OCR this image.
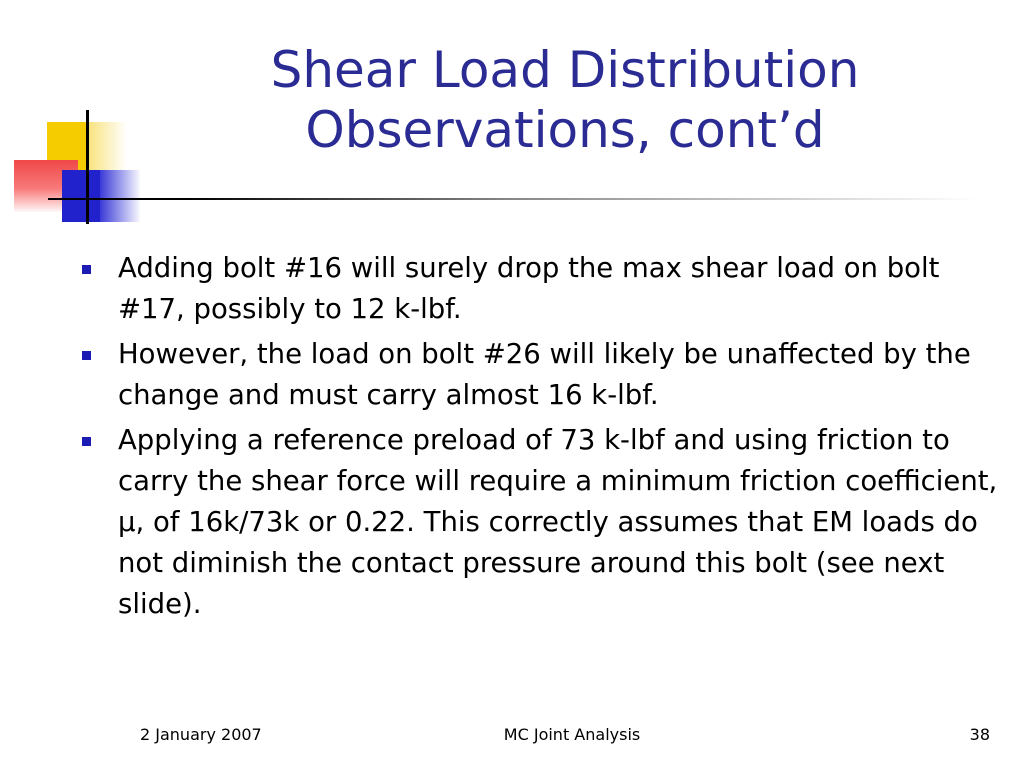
Shear Load Distribution
Observations, cont’d
Adding bolt #16 will surely drop the max shear load on bolt #17, possibly to 12 k-lbf.
However, the load on bolt #26 will likely be unaffected by the change and must carry almost 16 k-lbf.
Applying a reference preload of 73 k-lbf and using friction to carry the shear force will require a minimum friction coefficient, μ, of 16k/73k or 0.22. This correctly assumes that EM loads do not diminish the contact pressure around this bolt (see next slide).
2 January 2007	MC Joint Analysis	38
